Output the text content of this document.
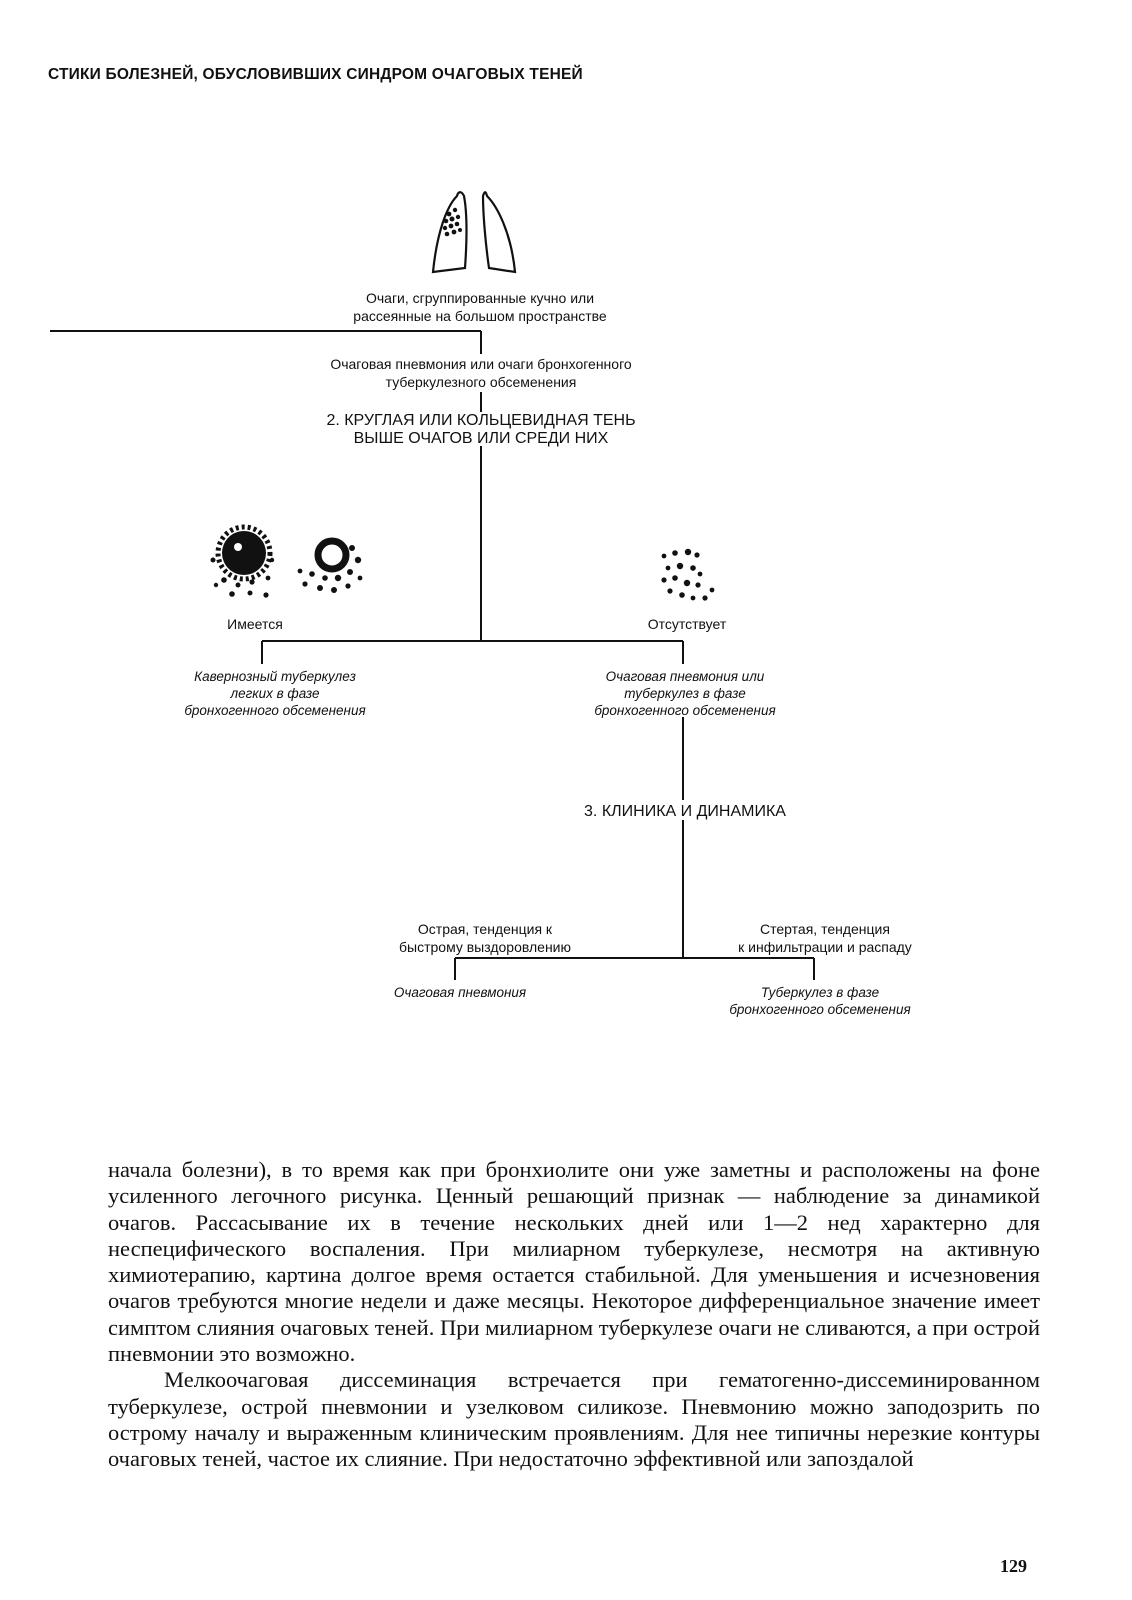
СТИКИ БОЛЕЗНЕЙ, ОБУСЛОВИВШИХ СИНДРОМ ОЧАГОВЫХ ТЕНЕЙ
Очаги, сгруппированные кучно или
рассеянные на большом пространстве
Очаговая пневмония или очаги бронхогенного
туберкулезного обсеменения
2. КРУГЛАЯ ИЛИ КОЛЬЦЕВИДНАЯ ТЕНЬ
ВЫШЕ ОЧАГОВ ИЛИ СРЕДИ НИХ
Имеется	Отсутствует
Кавернозный туберкулез
легких в фазе
бронхогенного обсеменения
Очаговая пневмония или
туберкулез в фазе
бронхогенного обсеменения
3. КЛИНИКА И ДИНАМИКА
Острая, тенденция к
быстрому выздоровлению
Стертая, тенденция
к инфильтрации и распаду
Очаговая пневмония	Туберкулез в фазе
бронхогенного обсеменения

начала болезни), в то время как при бронхиолите они уже заметны и расположены на фоне усиленного легочного рисунка. Ценный решающий признак — наблюдение за динамикой очагов. Рассасывание их в течение нескольких дней или 1—2 нед характерно для неспецифического воспаления. При милиарном туберкулезе, несмотря на активную химиотерапию, картина долгое время остается стабильной. Для уменьшения и исчезновения очагов требуются многие недели и даже месяцы. Некоторое дифференциальное значение имеет симптом слияния очаговых теней. При милиарном туберкулезе очаги не сливаются, а при острой пневмонии это возможно.

Мелкоочаговая диссеминация встречается при гематогенно-диссеминированном туберкулезе, острой пневмонии и узелковом силикозе. Пневмонию можно заподозрить по острому началу и выраженным клиническим проявлениям. Для нее типичны нерезкие контуры очаговых теней, частое их слияние. При недостаточно эффективной или запоздалой

129
